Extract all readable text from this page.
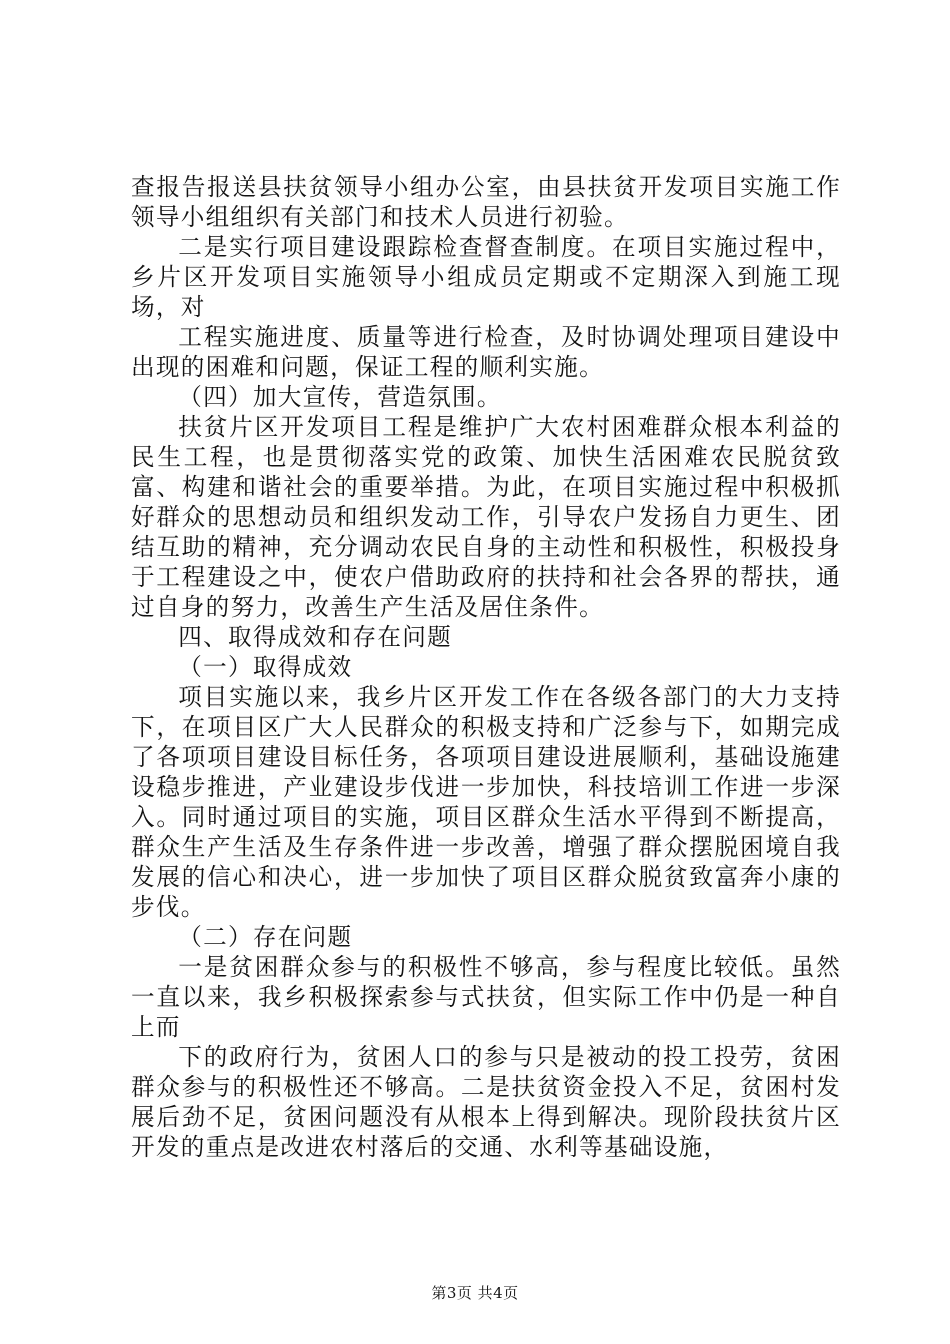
查报告报送县扶贫领导小组办公室，由县扶贫开发项目实施工作领导小组组织有关部门和技术人员进行初验。

二是实行项目建设跟踪检查督查制度。在项目实施过程中，乡片区开发项目实施领导小组成员定期或不定期深入到施工现场，对

工程实施进度、质量等进行检查，及时协调处理项目建设中出现的困难和问题，保证工程的顺利实施。

（四）加大宣传，营造氛围。

扶贫片区开发项目工程是维护广大农村困难群众根本利益的民生工程，也是贯彻落实党的政策、加快生活困难农民脱贫致富、构建和谐社会的重要举措。为此，在项目实施过程中积极抓好群众的思想动员和组织发动工作，引导农户发扬自力更生、团结互助的精神，充分调动农民自身的主动性和积极性，积极投身于工程建设之中，使农户借助政府的扶持和社会各界的帮扶，通过自身的努力，改善生产生活及居住条件。

四、取得成效和存在问题

（一）取得成效

项目实施以来，我乡片区开发工作在各级各部门的大力支持下，在项目区广大人民群众的积极支持和广泛参与下，如期完成了各项项目建设目标任务，各项项目建设进展顺利，基础设施建设稳步推进，产业建设步伐进一步加快，科技培训工作进一步深入。同时通过项目的实施，项目区群众生活水平得到不断提高，群众生产生活及生存条件进一步改善，增强了群众摆脱困境自我发展的信心和决心，进一步加快了项目区群众脱贫致富奔小康的步伐。

（二）存在问题

一是贫困群众参与的积极性不够高，参与程度比较低。虽然一直以来，我乡积极探索参与式扶贫，但实际工作中仍是一种自上而

下的政府行为，贫困人口的参与只是被动的投工投劳，贫困群众参与的积极性还不够高。二是扶贫资金投入不足，贫困村发展后劲不足，贫困问题没有从根本上得到解决。现阶段扶贫片区开发的重点是改进农村落后的交通、水利等基础设施，

第3页 共4页
